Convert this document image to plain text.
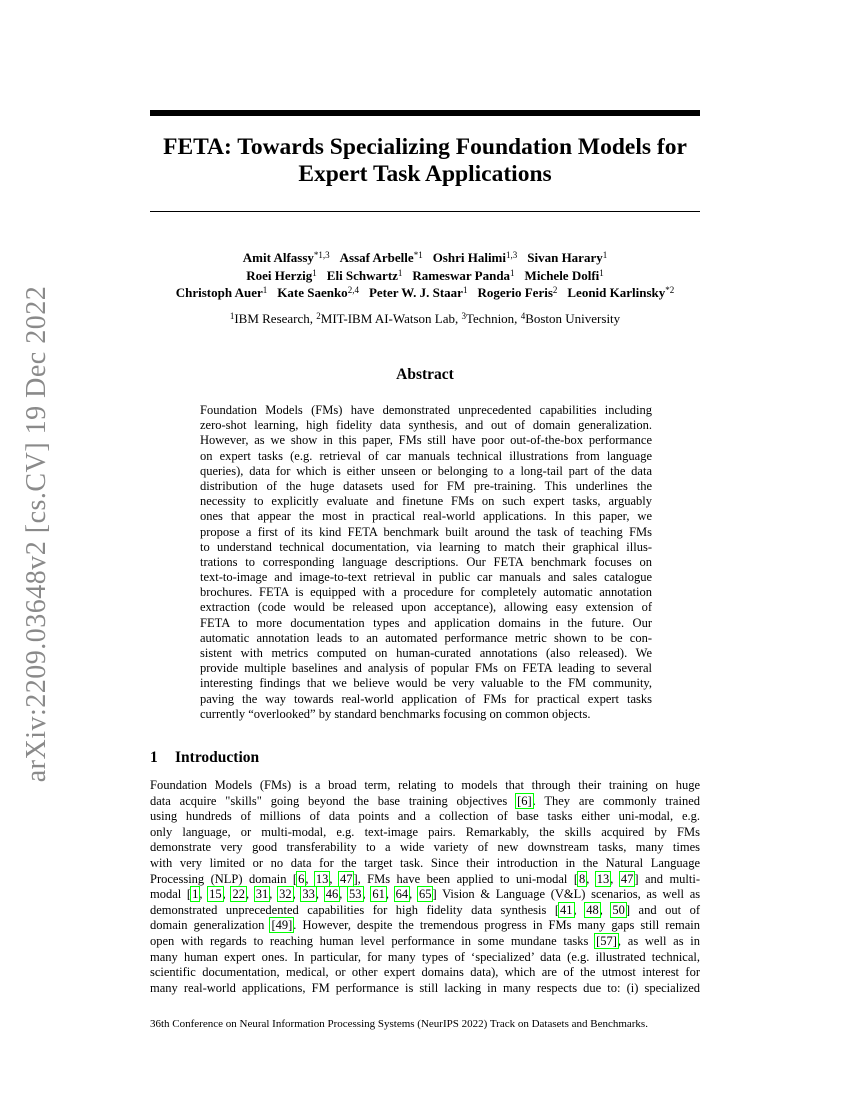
arXiv:2209.03648v2 [cs.CV] 19 Dec 2022
FETA: Towards Specializing Foundation Models for
Expert Task Applications
Amit Alfassy$^{*1,3}$ Assaf Arbelle$^{*1}$ Oshri Halimi$^{1,3}$ Sivan Harary$^1$
Roei Herzig$^1$ Eli Schwartz$^1$ Rameswar Panda$^1$ Michele Dolfi$^1$
Christoph Auer$^1$ Kate Saenko$^{2,4}$ Peter W. J. Staar$^1$ Rogerio Feris$^2$ Leonid Karlinsky$^{*2}$
$^1$IBM Research, $^2$MIT-IBM AI-Watson Lab, $^3$Technion, $^4$Boston University
Abstract
Foundation Models (FMs) have demonstrated unprecedented capabilities including
zero-shot learning, high fidelity data synthesis, and out of domain generalization.
However, as we show in this paper, FMs still have poor out-of-the-box performance
on expert tasks (e.g. retrieval of car manuals technical illustrations from language
queries), data for which is either unseen or belonging to a long-tail part of the data
distribution of the huge datasets used for FM pre-training. This underlines the
necessity to explicitly evaluate and finetune FMs on such expert tasks, arguably
ones that appear the most in practical real-world applications. In this paper, we
propose a first of its kind FETA benchmark built around the task of teaching FMs
to understand technical documentation, via learning to match their graphical illus-
trations to corresponding language descriptions. Our FETA benchmark focuses on
text-to-image and image-to-text retrieval in public car manuals and sales catalogue
brochures. FETA is equipped with a procedure for completely automatic annotation
extraction (code would be released upon acceptance), allowing easy extension of
FETA to more documentation types and application domains in the future. Our
automatic annotation leads to an automated performance metric shown to be con-
sistent with metrics computed on human-curated annotations (also released). We
provide multiple baselines and analysis of popular FMs on FETA leading to several
interesting findings that we believe would be very valuable to the FM community,
paving the way towards real-world application of FMs for practical expert tasks
currently “overlooked” by standard benchmarks focusing on common objects.
1 Introduction
Foundation Models (FMs) is a broad term, relating to models that through their training on huge
data acquire "skills" going beyond the base training objectives [6]. They are commonly trained
using hundreds of millions of data points and a collection of base tasks either uni-modal, e.g.
only language, or multi-modal, e.g. text-image pairs. Remarkably, the skills acquired by FMs
demonstrate very good transferability to a wide variety of new downstream tasks, many times
with very limited or no data for the target task. Since their introduction in the Natural Language
Processing (NLP) domain [6, 13, 47], FMs have been applied to uni-modal [8, 13, 47] and multi-
modal [1, 15, 22, 31, 32, 33, 46, 53, 61, 64, 65] Vision & Language (V&L) scenarios, as well as
demonstrated unprecedented capabilities for high fidelity data synthesis [41, 48, 50] and out of
domain generalization [49]. However, despite the tremendous progress in FMs many gaps still remain
open with regards to reaching human level performance in some mundane tasks [57], as well as in
many human expert ones. In particular, for many types of ‘specialized’ data (e.g. illustrated technical,
scientific documentation, medical, or other expert domains data), which are of the utmost interest for
many real-world applications, FM performance is still lacking in many respects due to: (i) specialized
36th Conference on Neural Information Processing Systems (NeurIPS 2022) Track on Datasets and Benchmarks.
